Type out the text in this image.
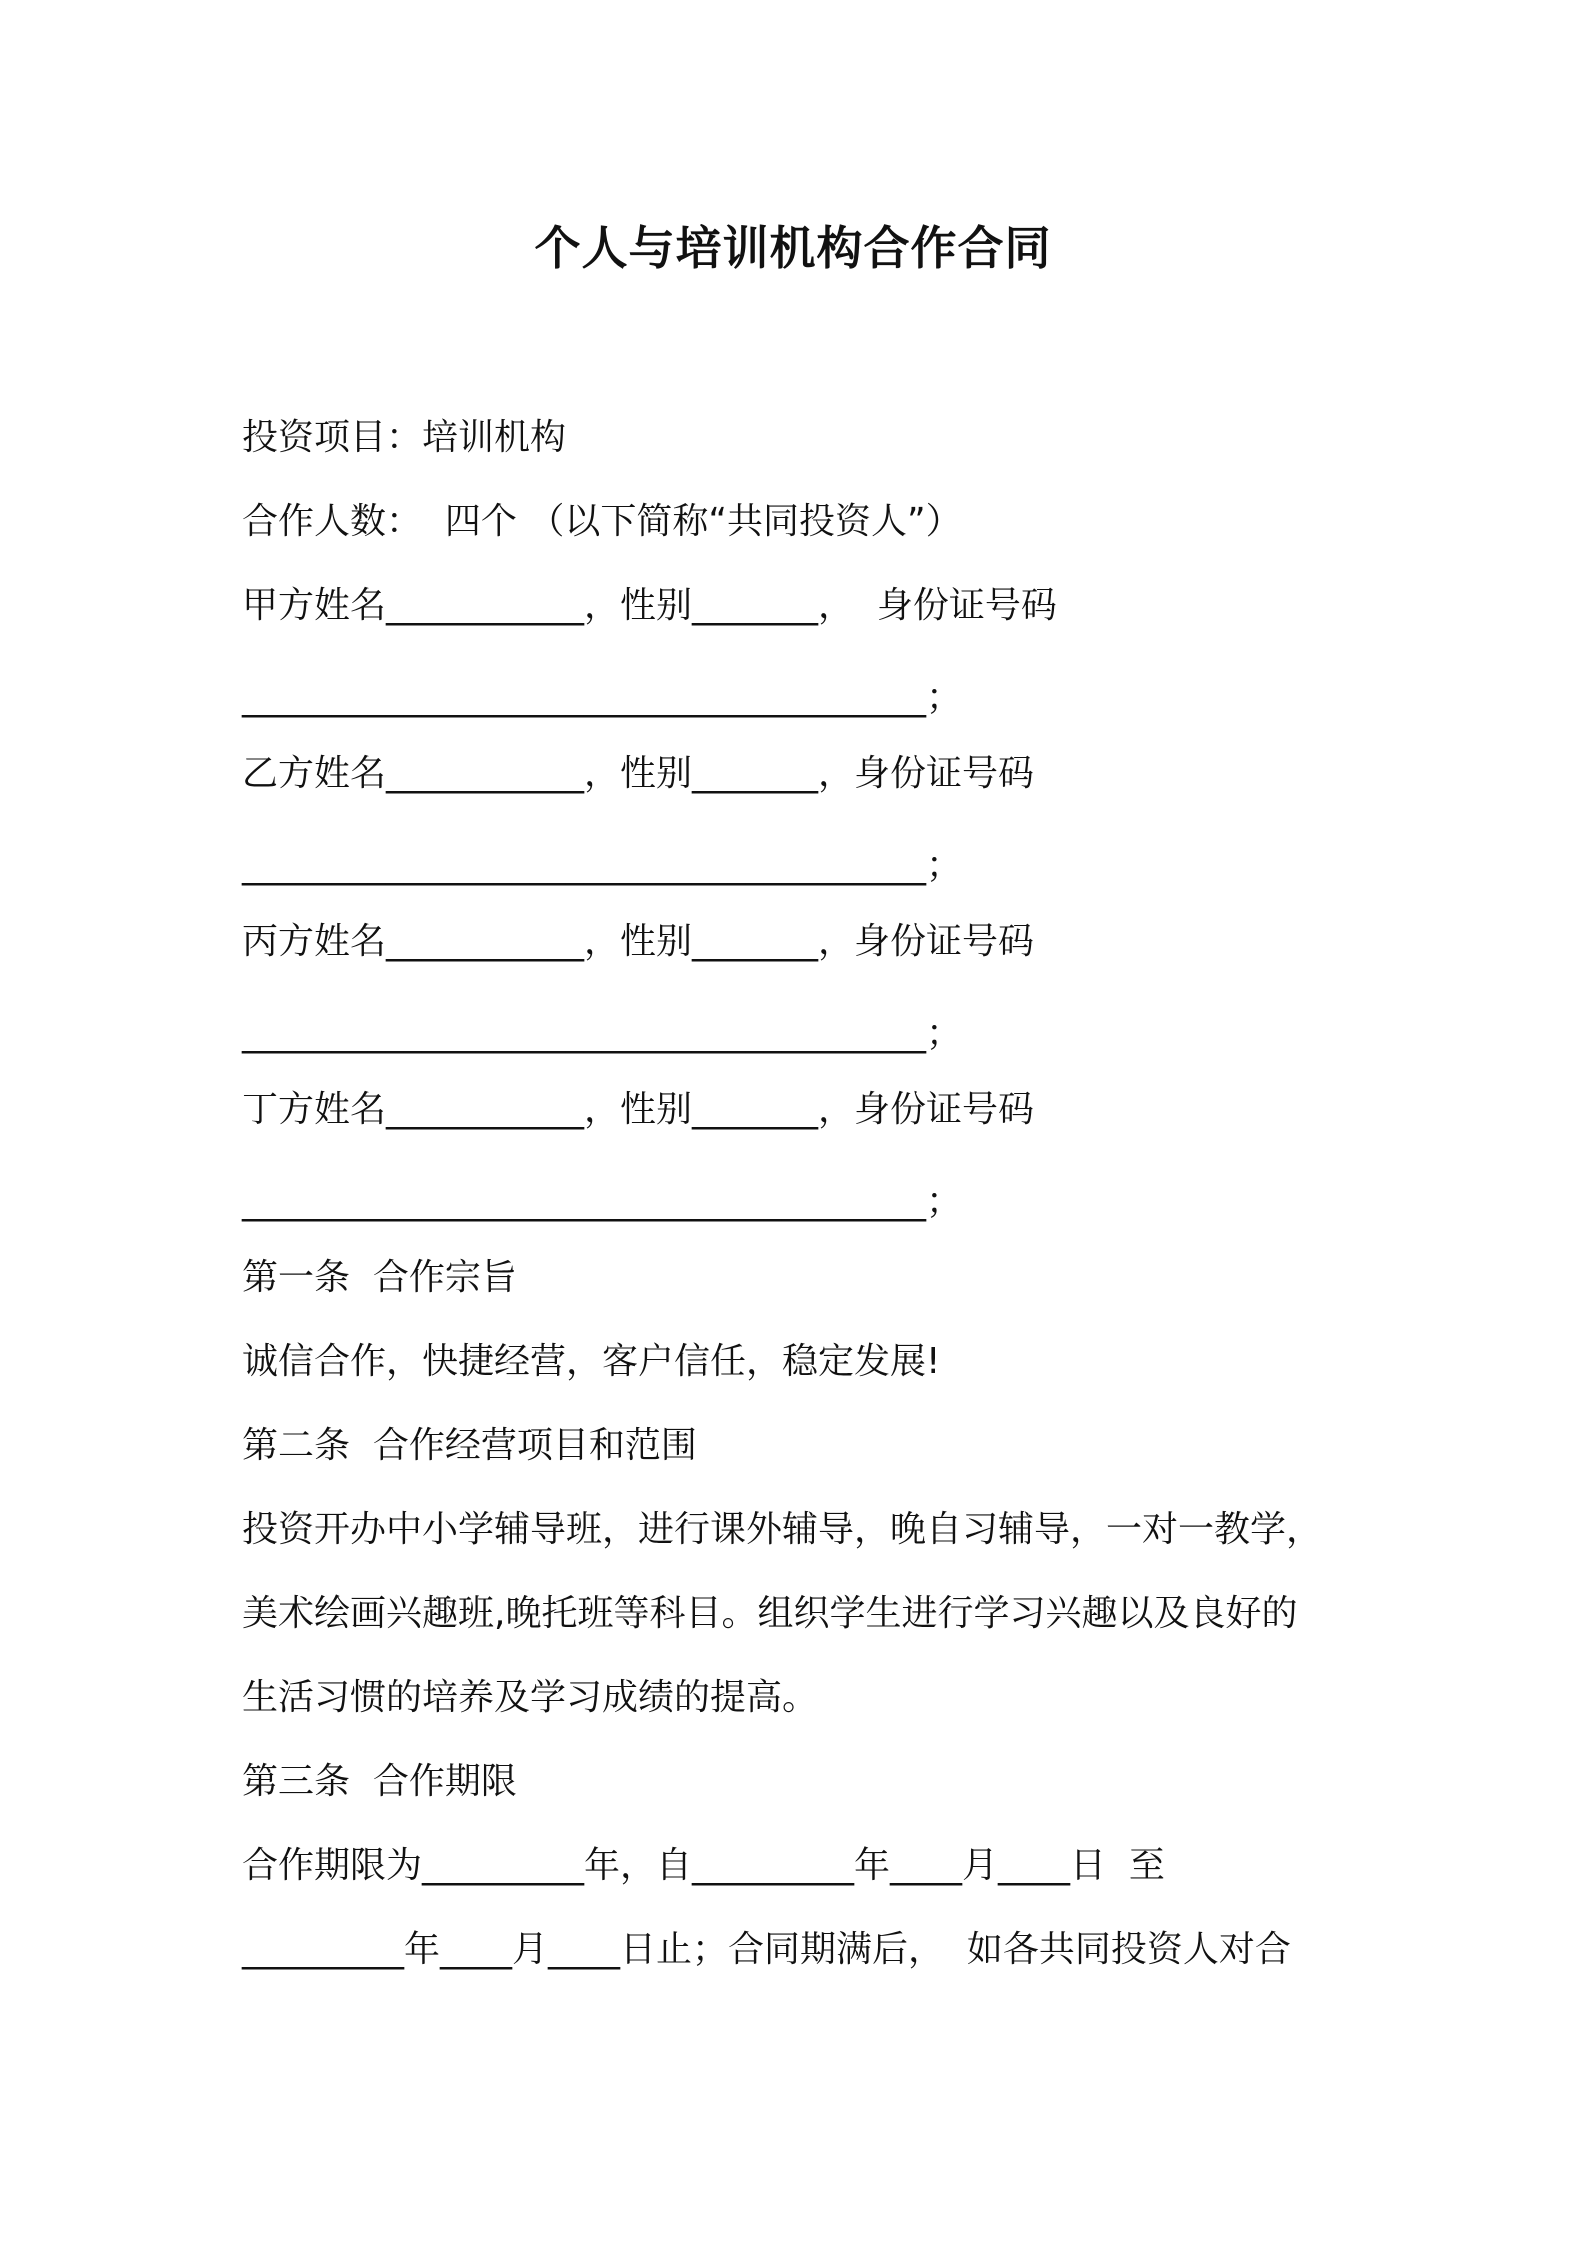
个人与培训机构合作合同
投资项目：培训机构
合作人数：  四个 （以下简称“共同投资人”）
甲方姓名___________，性别_______，  身份证号码
______________________________________；
乙方姓名___________，性别_______，身份证号码
______________________________________；
丙方姓名___________，性别_______，身份证号码
______________________________________；
丁方姓名___________，性别_______，身份证号码
______________________________________；
第一条  合作宗旨
诚信合作，快捷经营，客户信任，稳定发展!
第二条  合作经营项目和范围
投资开办中小学辅导班，进行课外辅导，晚自习辅导，一对一教学，
美术绘画兴趣班,晚托班等科目。组织学生进行学习兴趣以及良好的
生活习惯的培养及学习成绩的提高。
第三条  合作期限
合作期限为_________年，自_________年____月____日  至
_________年____月____日止；合同期满后，  如各共同投资人对合
